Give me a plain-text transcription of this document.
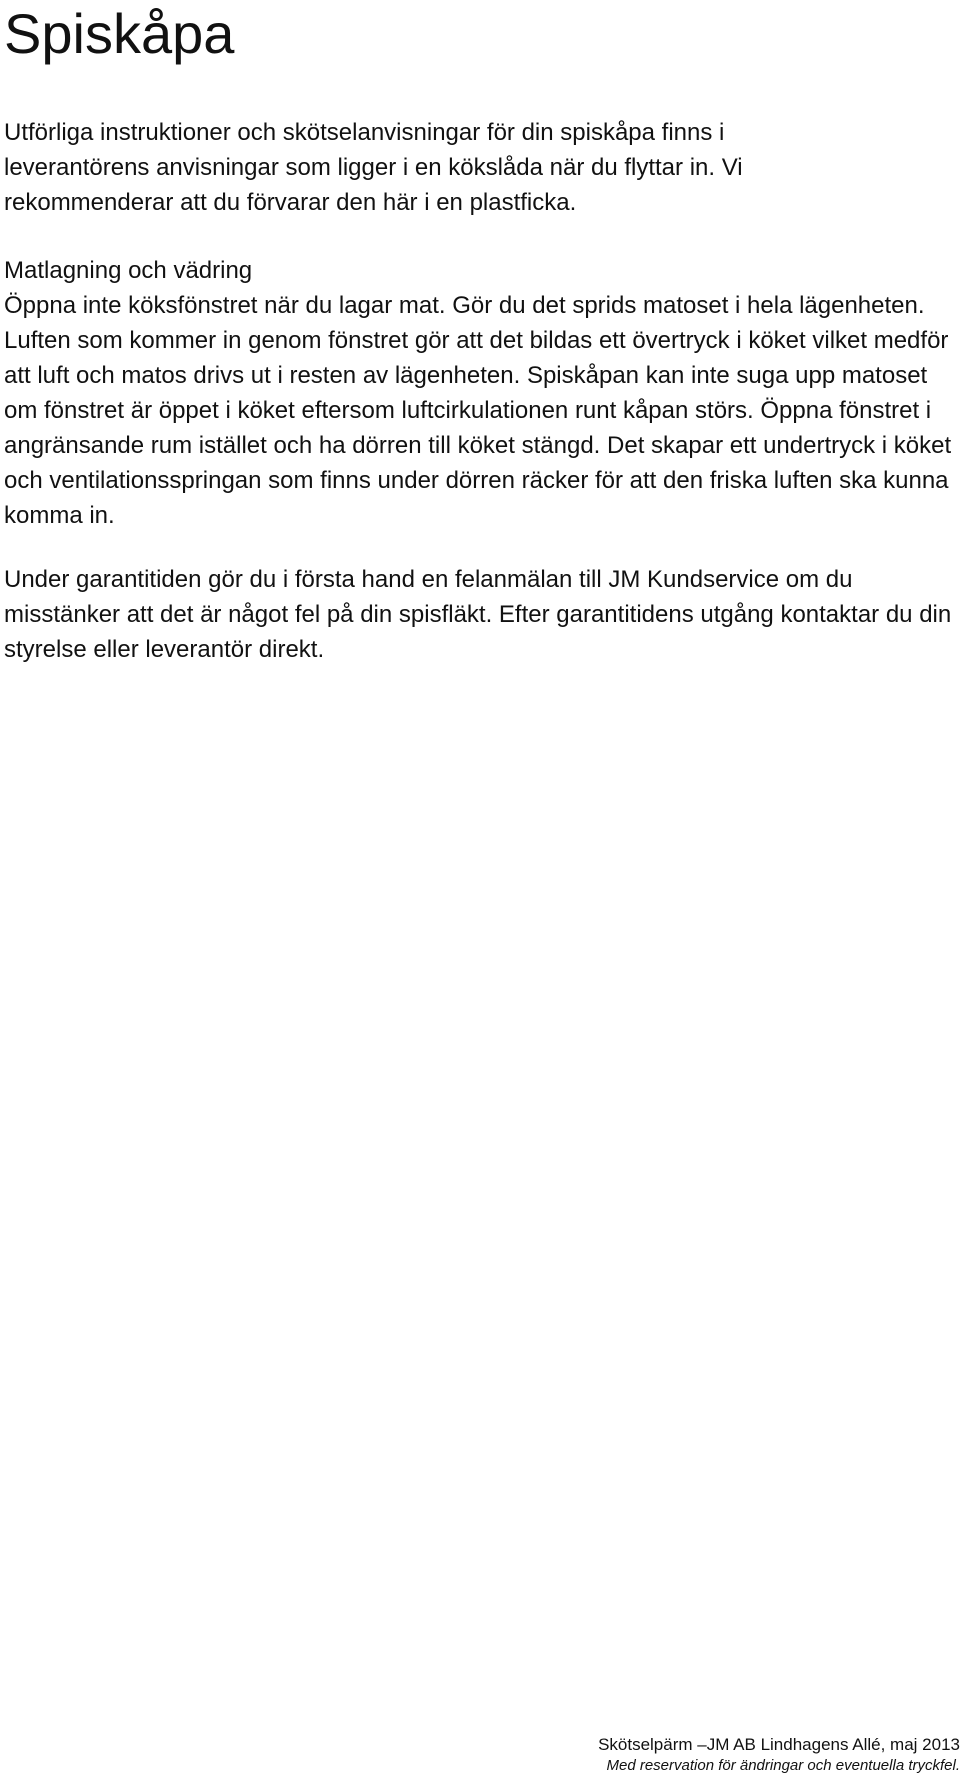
Spiskåpa

Utförliga instruktioner och skötselanvisningar för din spiskåpa finns i leverantörens anvisningar som ligger i en kökslåda när du flyttar in. Vi rekommenderar att du förvarar den här i en plastficka.

Matlagning och vädring

Öppna inte köksfönstret när du lagar mat. Gör du det sprids matoset i hela lägenheten. Luften som kommer in genom fönstret gör att det bildas ett övertryck i köket vilket medför att luft och matos drivs ut i resten av lägenheten. Spiskåpan kan inte suga upp matoset om fönstret är öppet i köket eftersom luftcirkulationen runt kåpan störs. Öppna fönstret i angränsande rum istället och ha dörren till köket stängd. Det skapar ett undertryck i köket och ventilationsspringan som finns under dörren räcker för att den friska luften ska kunna komma in.

Under garantitiden gör du i första hand en felanmälan till JM Kundservice om du misstänker att det är något fel på din spisfläkt. Efter garantitidens utgång kontaktar du din styrelse eller leverantör direkt.

Skötselpärm –JM AB Lindhagens Allé, maj 2013
Med reservation för ändringar och eventuella tryckfel.
